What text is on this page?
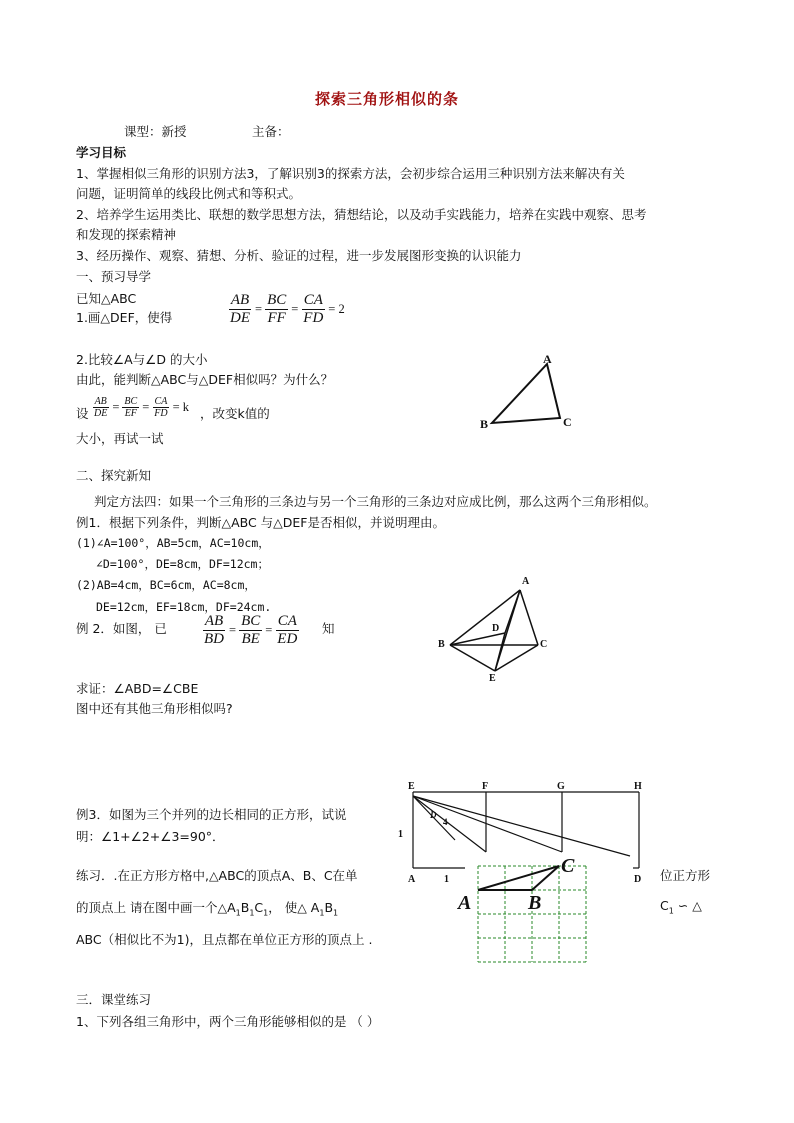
探索三角形相似的条
课型：新授	主备：
学习目标
1、掌握相似三角形的识别方法3，了解识别3的探索方法，会初步综合运用三种识别方法来解决有关
问题，证明简单的线段比例式和等积式。
2、培养学生运用类比、联想的数学思想方法，猜想结论，以及动手实践能力，培养在实践中观察、思考
和发现的探索精神
3、经历操作、观察、猜想、分析、验证的过程，进一步发展图形变换的认识能力
一、预习导学
已知△ABC
1.画△DEF，使得	$\frac{AB}{DE} = \frac{BC}{FF} = \frac{CA}{FD} = 2$
2.比较∠A与∠D 的大小
由此，能判断△ABC与△DEF相似吗？为什么？
设 $\frac{AB}{DE} = \frac{BC}{EF} = \frac{CA}{FD} = k$ ，改变k值的
大小，再试一试
A
B	C
二、探究新知
判定方法四：如果一个三角形的三条边与另一个三角形的三条边对应成比例，那么这两个三角形相似。
例1．根据下列条件，判断△ABC 与△DEF是否相似，并说明理由。
(1)∠A=100°，AB=5cm，AC=10cm，
∠D=100°，DE=8cm，DF=12cm；
(2)AB=4cm，BC=6cm，AC=8cm，
DE=12cm，EF=18cm，DF=24cm.
例 2．如图， 已 $\frac{AB}{BD} = \frac{BC}{BE} = \frac{CA}{ED}$ 知
求证：∠ABD=∠CBE
图中还有其他三角形相似吗?
A
B	C
D
E
例3．如图为三个并列的边长相同的正方形，试说
明：∠1+∠2+∠3=90°．
E	F	G	H
A	D
1
1
D
4
练习．.在正方形方格中,△ABC的顶点A、B、C在单	位正方形
的顶点上 请在图中画一个$\triangle A_1B_1C_1$， 使△ $A_1B_1$	$C_1$ ∽ △
ABC（相似比不为1)，且点都在单位正方形的顶点上 .
A	B
C
三．课堂练习
1、下列各组三角形中，两个三角形能够相似的是 （ ）
